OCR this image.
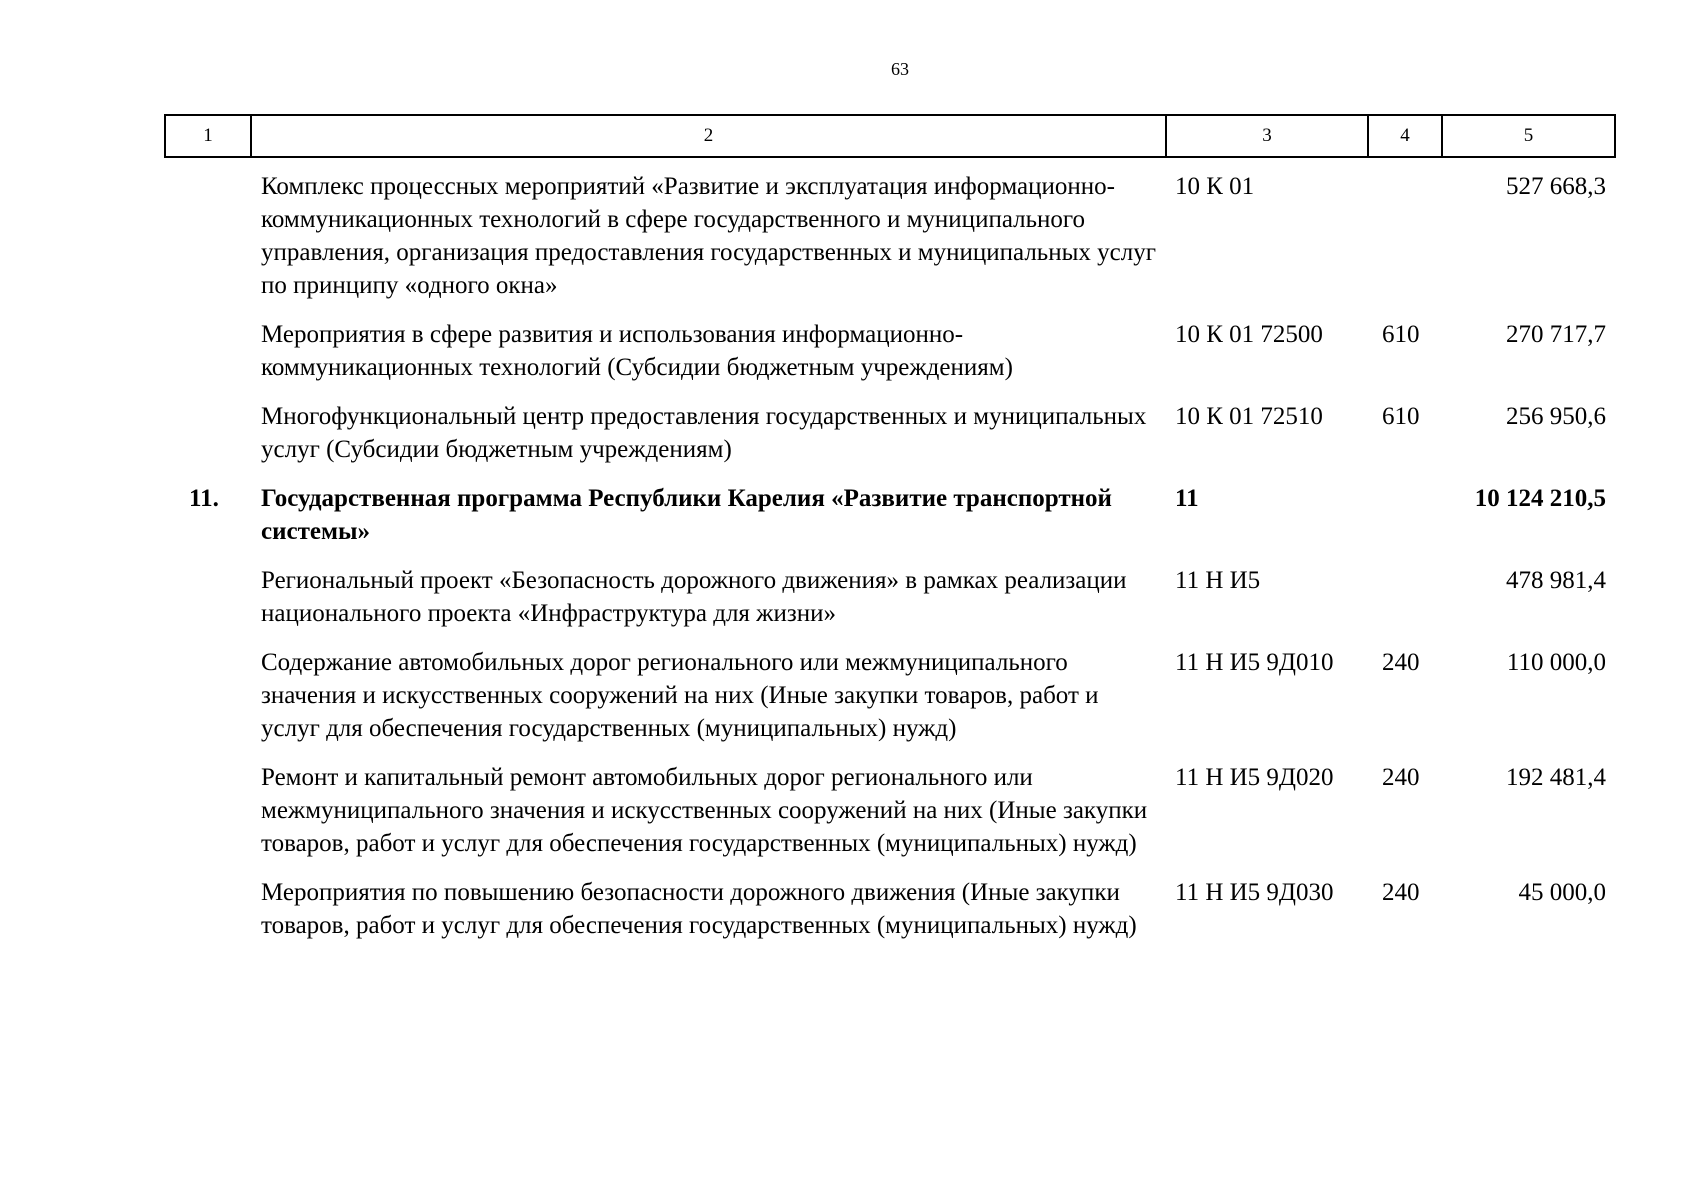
63
1	2	3	4	5
	Комплекс процессных мероприятий «Развитие и эксплуатация информационно-коммуникационных технологий в сфере государственного и муниципального управления, организация предоставления государственных и муниципальных услуг по принципу «одного окна»	10 К 01		527 668,3
	Мероприятия в сфере развития и использования информационно-коммуникационных технологий (Субсидии бюджетным учреждениям)	10 К 01 72500	610	270 717,7
	Многофункциональный центр предоставления государственных и муниципальных услуг (Субсидии бюджетным учреждениям)	10 К 01 72510	610	256 950,6
11.	Государственная программа Республики Карелия «Развитие транспортной системы»	11		10 124 210,5
	Региональный проект «Безопасность дорожного движения» в рамках реализации национального проекта «Инфраструктура для жизни»	11 Н И5		478 981,4
	Содержание автомобильных дорог регионального или межмуниципального значения и искусственных сооружений на них (Иные закупки товаров, работ и услуг для обеспечения государственных (муниципальных) нужд)	11 Н И5 9Д010	240	110 000,0
	Ремонт и капитальный ремонт автомобильных дорог регионального или межмуниципального значения и искусственных сооружений на них (Иные закупки товаров, работ и услуг для обеспечения государственных (муниципальных) нужд)	11 Н И5 9Д020	240	192 481,4
	Мероприятия по повышению безопасности дорожного движения (Иные закупки товаров, работ и услуг для обеспечения государственных (муниципальных) нужд)	11 Н И5 9Д030	240	45 000,0
